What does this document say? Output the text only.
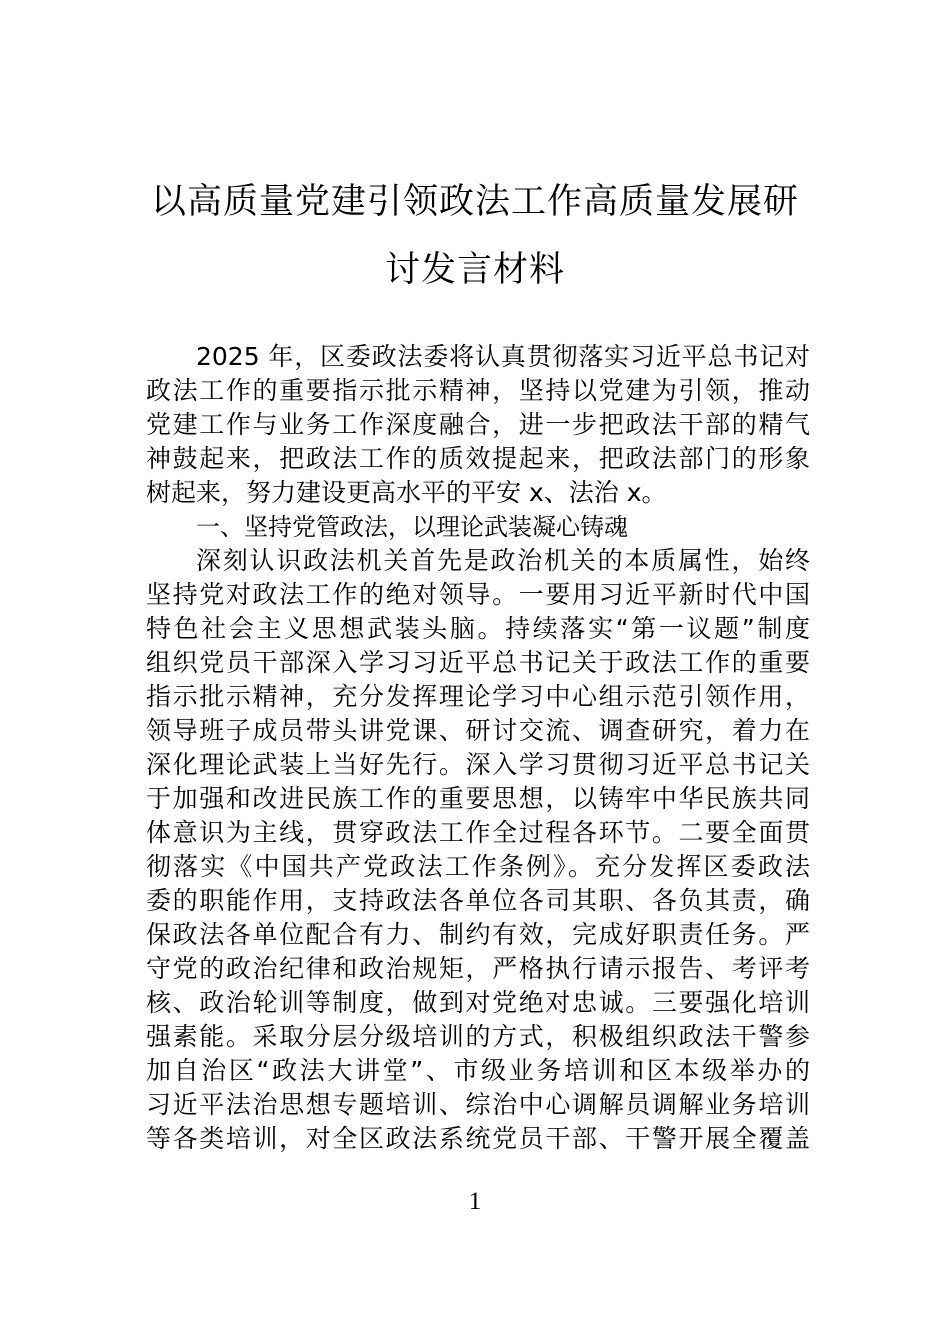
以高质量党建引领政法工作高质量发展研
讨发言材料
2025 年，区委政法委将认真贯彻落实习近平总书记对
政法工作的重要指示批示精神，坚持以党建为引领，推动
党建工作与业务工作深度融合，进一步把政法干部的精气
神鼓起来，把政法工作的质效提起来，把政法部门的形象
树起来，努力建设更高水平的平安 x、法治 x。
一、坚持党管政法，以理论武装凝心铸魂
深刻认识政法机关首先是政治机关的本质属性，始终
坚持党对政法工作的绝对领导。一要用习近平新时代中国
特色社会主义思想武装头脑。持续落实“第一议题”制度
组织党员干部深入学习习近平总书记关于政法工作的重要
指示批示精神，充分发挥理论学习中心组示范引领作用，
领导班子成员带头讲党课、研讨交流、调查研究，着力在
深化理论武装上当好先行。深入学习贯彻习近平总书记关
于加强和改进民族工作的重要思想，以铸牢中华民族共同
体意识为主线，贯穿政法工作全过程各环节。二要全面贯
彻落实《中国共产党政法工作条例》。充分发挥区委政法
委的职能作用，支持政法各单位各司其职、各负其责，确
保政法各单位配合有力、制约有效，完成好职责任务。严
守党的政治纪律和政治规矩，严格执行请示报告、考评考
核、政治轮训等制度，做到对党绝对忠诚。三要强化培训
强素能。采取分层分级培训的方式，积极组织政法干警参
加自治区“政法大讲堂”、市级业务培训和区本级举办的
习近平法治思想专题培训、综治中心调解员调解业务培训
等各类培训，对全区政法系统党员干部、干警开展全覆盖
1
